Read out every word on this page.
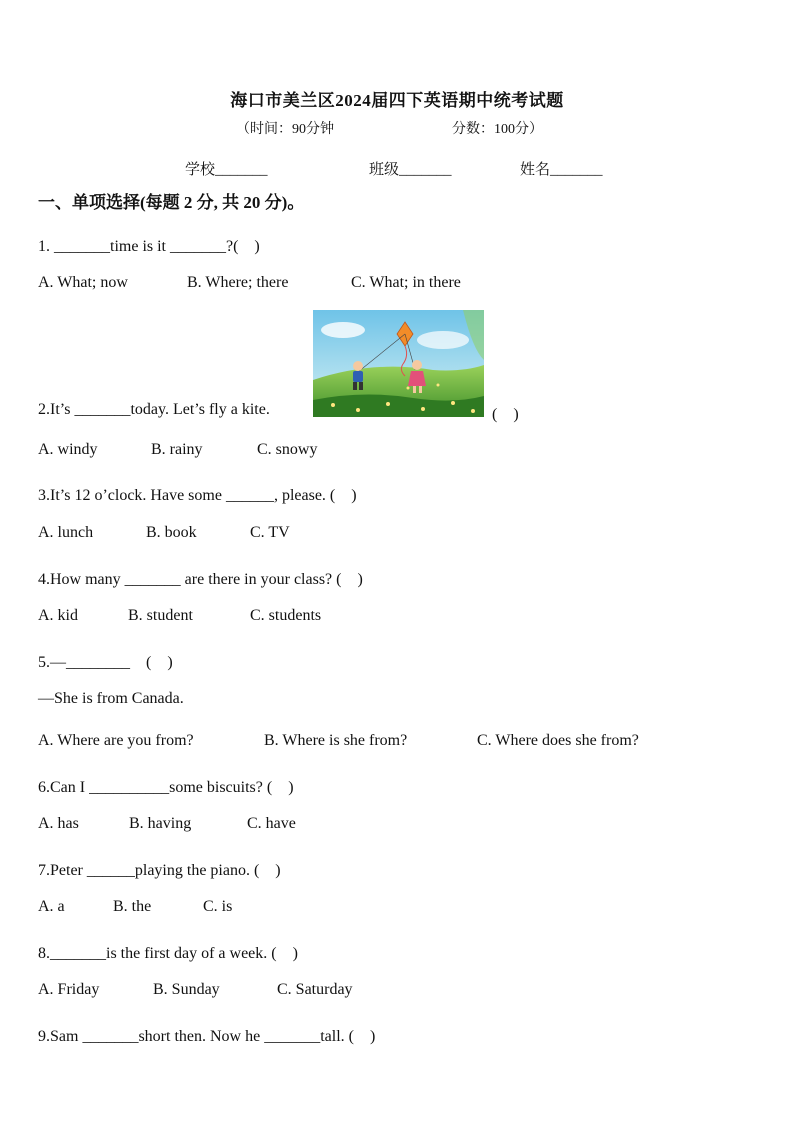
海口市美兰区2024届四下英语期中统考试题
（时间：90分钟	分数：100分）
学校_______	班级_______	姓名_______
一、单项选择(每题 2 分, 共 20 分)。
1. _______time is it _______?(　)
A. What; now	B. Where; there	C. What; in there
2.It’s _______today. Let’s fly a kite.	(　)
A. windy	B. rainy	C. snowy
3.It’s 12 o’clock. Have some ______, please. (　)
A. lunch	B. book	C. TV
4.How many _______ are there in your class? (　)
A. kid	B. student	C. students
5.—________　(　)
—She is from Canada.
A. Where are you from?	B. Where is she from?	C. Where does she from?
6.Can I __________some biscuits? (　)
A. has	B. having	C. have
7.Peter ______playing the piano. (　)
A. a	B. the	C. is
8._______is the first day of a week. (　)
A. Friday	B. Sunday	C. Saturday
9.Sam _______short then. Now he _______tall. (　)
